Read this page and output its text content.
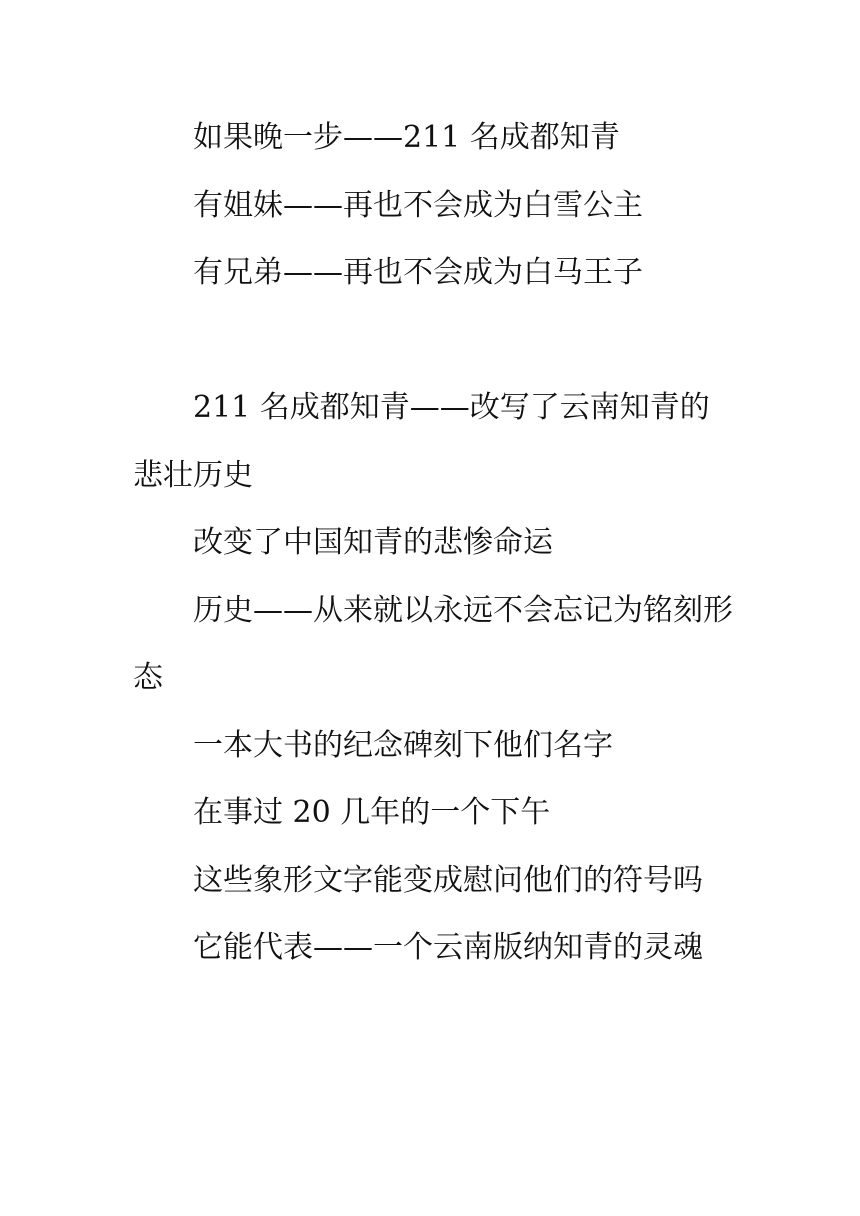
如果晚一步——211 名成都知青

有姐妹——再也不会成为白雪公主

有兄弟——再也不会成为白马王子

211 名成都知青——改写了云南知青的悲壮历史

改变了中国知青的悲惨命运

历史——从来就以永远不会忘记为铭刻形态

一本大书的纪念碑刻下他们名字

在事过 20 几年的一个下午

这些象形文字能变成慰问他们的符号吗

它能代表——一个云南版纳知青的灵魂
